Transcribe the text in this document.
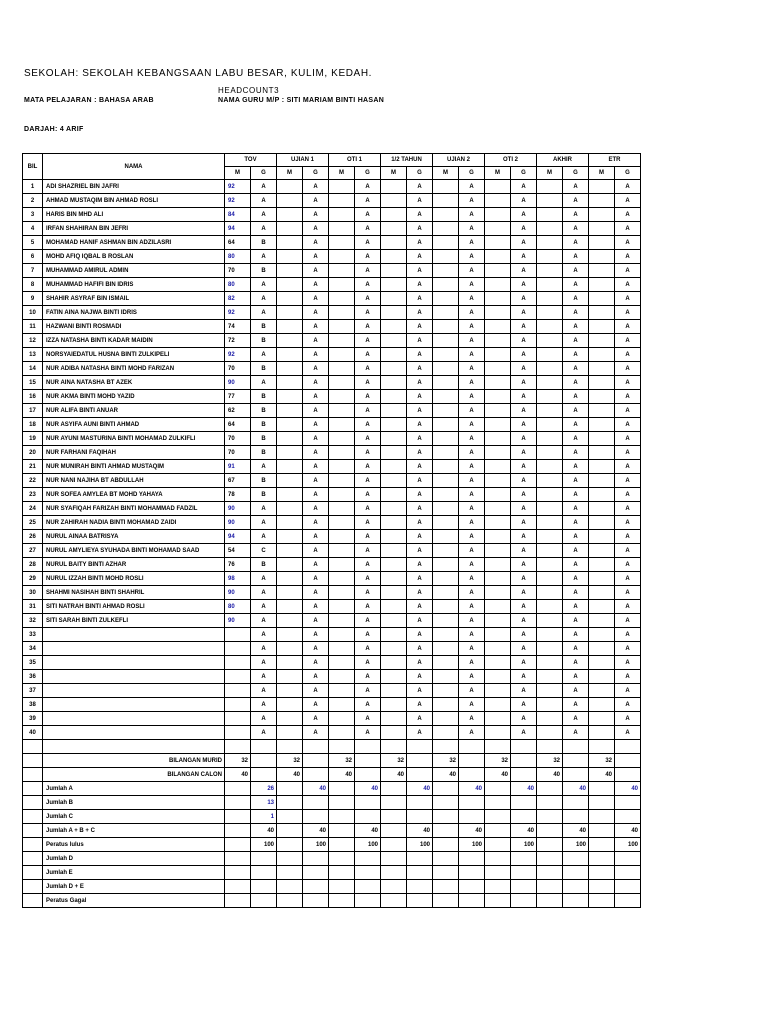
SEKOLAH: SEKOLAH KEBANGSAAN LABU BESAR, KULIM, KEDAH.
HEADCOUNT3
MATA PELAJARAN : BAHASA ARAB	NAMA GURU M/P : SITI MARIAM BINTI HASAN
DARJAH: 4 ARIF
BIL	NAMA	TOV		UJIAN 1		OTI 1		1/2 TAHUN		UJIAN 2		OTI 2		AKHIR		ETR	
		M	G	M	G	M	G	M	G	M	G	M	G	M	G	M	G
1	ADI SHAZRIEL BIN JAFRI	92	A		A		A		A		A		A		A		A
2	AHMAD MUSTAQIM BIN AHMAD ROSLI	92	A		A		A		A		A		A		A		A
3	HARIS BIN MHD ALI	84	A		A		A		A		A		A		A		A
4	IRFAN SHAHIRAN BIN JEFRI	94	A		A		A		A		A		A		A		A
5	MOHAMAD HANIF ASHMAN BIN ADZILASRI	64	B		A		A		A		A		A		A		A
6	MOHD AFIQ IQBAL B ROSLAN	80	A		A		A		A		A		A		A		A
7	MUHAMMAD AMIRUL ADMIN	70	B		A		A		A		A		A		A		A
8	MUHAMMAD HAFIFI BIN IDRIS	80	A		A		A		A		A		A		A		A
9	SHAHIR ASYRAF BIN ISMAIL	82	A		A		A		A		A		A		A		A
10	FATIN AINA NAJWA BINTI IDRIS	92	A		A		A		A		A		A		A		A
11	HAZWANI BINTI ROSMADI	74	B		A		A		A		A		A		A		A
12	IZZA NATASHA BINTI KADAR MAIDIN	72	B		A		A		A		A		A		A		A
13	NORSYAIEDATUL HUSNA BINTI ZULKIPELI	92	A		A		A		A		A		A		A		A
14	NUR ADIBA NATASHA BINTI MOHD FARIZAN	70	B		A		A		A		A		A		A		A
15	NUR AINA NATASHA BT AZEK	90	A		A		A		A		A		A		A		A
16	NUR AKMA BINTI MOHD YAZID	77	B		A		A		A		A		A		A		A
17	NUR ALIFA BINTI ANUAR	62	B		A		A		A		A		A		A		A
18	NUR ASYIFA AUNI BINTI AHMAD	64	B		A		A		A		A		A		A		A
19	NUR AYUNI MASTURINA BINTI MOHAMAD ZULKIFLI	70	B		A		A		A		A		A		A		A
20	NUR FARHANI FAQIHAH	70	B		A		A		A		A		A		A		A
21	NUR MUNIRAH BINTI AHMAD MUSTAQIM	91	A		A		A		A		A		A		A		A
22	NUR NANI NAJIHA BT ABDULLAH	67	B		A		A		A		A		A		A		A
23	NUR SOFEA AMYLEA BT MOHD YAHAYA	78	B		A		A		A		A		A		A		A
24	NUR SYAFIQAH FARIZAH BINTI MOHAMMAD FADZIL	90	A		A		A		A		A		A		A		A
25	NUR ZAHIRAH NADIA BINTI MOHAMAD ZAIDI	90	A		A		A		A		A		A		A		A
26	NURUL AINAA BATRISYA	94	A		A		A		A		A		A		A		A
27	NURUL AMYLIEYA SYUHADA BINTI MOHAMAD SAAD	54	C		A		A		A		A		A		A		A
28	NURUL BAITY BINTI AZHAR	76	B		A		A		A		A		A		A		A
29	NURUL IZZAH BINTI MOHD ROSLI	98	A		A		A		A		A		A		A		A
30	SHAHMI NASIHAH BINTI SHAHRIL	90	A		A		A		A		A		A		A		A
31	SITI NATRAH BINTI AHMAD ROSLI	80	A		A		A		A		A		A		A		A
32	SITI SARAH BINTI ZULKEFLI	90	A		A		A		A		A		A		A		A
33			A		A		A		A		A		A		A		A
34			A		A		A		A		A		A		A		A
35			A		A		A		A		A		A		A		A
36			A		A		A		A		A		A		A		A
37			A		A		A		A		A		A		A		A
38			A		A		A		A		A		A		A		A
39			A		A		A		A		A		A		A		A
40			A		A		A		A		A		A		A		A

	BILANGAN MURID	32		32		32		32		32		32		32		32	
	BILANGAN CALON	40		40		40		40		40		40		40		40	
	Jumlah A		26		40		40		40		40		40		40		40
	Jumlah B		13														
	Jumlah C		1														
	Jumlah A + B + C		40		40		40		40		40		40		40		40
	Peratus lulus		100		100		100		100		100		100		100		100
	Jumlah D																
	Jumlah E																
	Jumlah D + E																
	Peratus Gagal																
